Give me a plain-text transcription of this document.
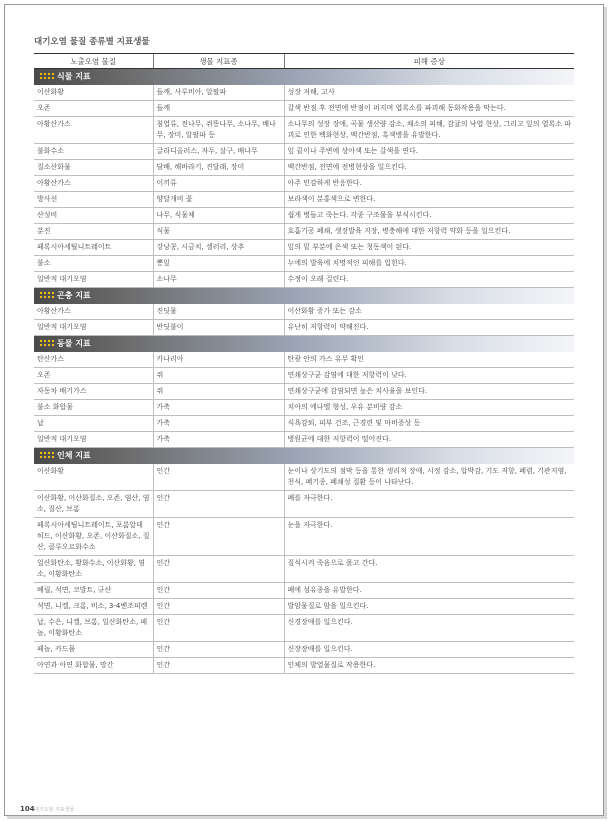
대기오염 물질 종류별 지표생물
노출오염 물질	생물 지표종	피해 증상

식물 지표		

이산화황	들깨, 사루비아, 알팔파	성장 저해, 고사
오존	들깨	갈색 반점 후 전면에 반점이 퍼지며 엽록소를 파괴해 동화작용을 막는다.
아황산가스	침엽류, 전나무, 쥐똥나무, 소나무, 배나무, 장미, 알팔파 등	소나무의 성장 장애, 곡물 생산량 감소, 채소의 피해, 감귤의 낙엽 현상, 그리고 잎의 엽록소 파괴로 인한 백화현상, 맥간반점, 흑색병을 유발한다.
불화수소	글라디올러스, 자두, 살구, 배나무	잎 끝이나 주변에 상아색 또는 갈색을 띤다.
질소산화물	담배, 해바라기, 진달래, 장미	맥간반점, 전면에 전병현상을 일으킨다.
아황산가스	이끼류	아주 민감하게 반응한다.
방사선	양달개비 꽃	보라색이 분홍색으로 변한다.
산성비	나무, 식물체	쉽게 병들고 죽는다. 각종 구조물을 부식시킨다.
분진	식물	호흡기공 폐쇄, 생장발육 지장, 병충해에 대한 저항력 약화 등을 일으킨다.
페록시아세틸니트레이트	강낭콩, 시금치, 셀러리, 상추	잎의 밑 부분에 은색 또는 청동색이 된다.
불소	뽕잎	누에의 발육에 치명적인 피해를 입힌다.
일반적 대기오염	소나무	수정이 오래 걸린다.

곤충 지표		

아황산가스	진딧물	이산화황 증가 또는 감소
일반적 대기오염	반딧불이	유난히 저항력이 약해진다.

동물 지표		

탄산가스	카나리아	탄광 안의 가스 유무 확인
오존	쥐	연쇄상구균 감염에 대한 저항력이 낮다.
자동차 배기가스	쥐	연쇄상구균에 감염되면 높은 치사율을 보인다.
불소 화합물	가축	치아의 에나멜 형성, 우유 분비량 감소
납	가축	식욕감퇴, 피부 건조, 근경련 및 마비증상 등
일반적 대기오염	가축	병원균에 대한 저항력이 떨어진다.

인체 지표		

이산화황	인간	눈이나 상기도의 점막 등을 통한 생리적 장애, 시정 감소, 압박감, 기도 저항, 폐렴, 기관지염, 천식, 폐기종, 폐쇄성 질환 등이 나타난다.
이산화황, 이산화질소, 오존, 염산, 염소, 질산, 브롬	인간	폐를 자극한다.
페록시아세틸니트레이트, 포름알데히드, 이산화황, 오존, 이산화질소, 질산, 클루오르화수소	인간	눈을 자극한다.
일산화탄소, 황화수소, 이산화황, 염소, 이황화탄소	인간	질식시켜 죽음으로 몰고 간다.
베릴, 석면, 코발트, 규산	인간	폐에 섬유종을 유발한다.
석면, 니켈, 크롬, 비소, 3-4벤조피렌	인간	발암물질로 암을 일으킨다.
납, 수은, 니켈, 브롬, 일산화탄소, 페놀, 이황화탄소	인간	신경장애를 일으킨다.
페놀, 카드뮴	인간	신장장애를 일으킨다.
아연과 아연 화합물, 망간	인간	인체의 발열물질로 작용한다.
104 대기오염 지표생물
